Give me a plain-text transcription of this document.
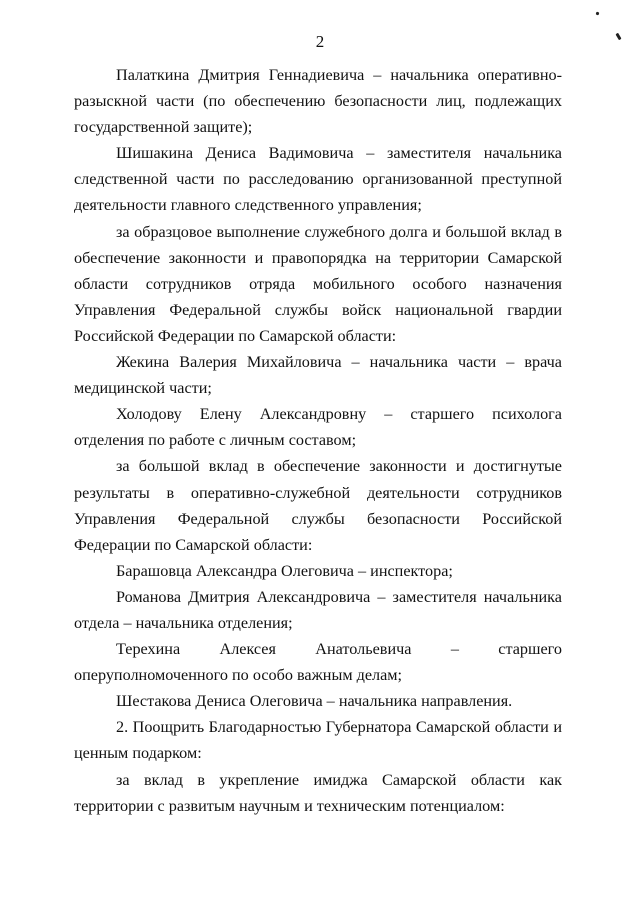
2

Палаткина Дмитрия Геннадиевича – начальника оперативно-разыскной части (по обеспечению безопасности лиц, подлежащих государственной защите);

Шишакина Дениса Вадимовича – заместителя начальника следственной части по расследованию организованной преступной деятельности главного следственного управления;

за образцовое выполнение служебного долга и большой вклад в обеспечение законности и правопорядка на территории Самарской области сотрудников отряда мобильного особого назначения Управления Федеральной службы войск национальной гвардии Российской Федерации по Самарской области:

Жекина Валерия Михайловича – начальника части – врача медицинской части;

Холодову Елену Александровну – старшего психолога отделения по работе с личным составом;

за большой вклад в обеспечение законности и достигнутые результаты в оперативно-служебной деятельности сотрудников Управления Федеральной службы безопасности Российской Федерации по Самарской области:

Барашовца Александра Олеговича – инспектора;

Романова Дмитрия Александровича – заместителя начальника отдела – начальника отделения;

Терехина Алексея Анатольевича – старшего оперуполномоченного по особо важным делам;

Шестакова Дениса Олеговича – начальника направления.

2. Поощрить Благодарностью Губернатора Самарской области и ценным подарком:

за вклад в укрепление имиджа Самарской области как территории с развитым научным и техническим потенциалом:
